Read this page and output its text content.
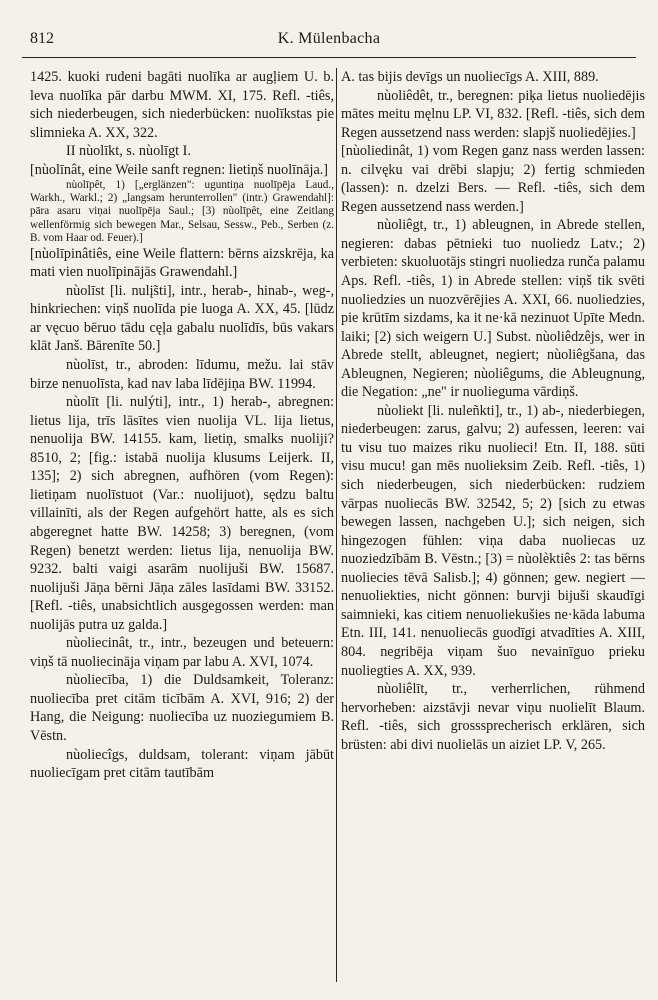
812	K. Mülenbacha

1425. kuoki rudeni bagāti nuolīka ar augļiem U. b. leva nuolīka pār darbu MWM. XI, 175. Refl. -tiês, sich niederbeugen, sich niederbücken: nuolīkstas pie slimnieka A. XX, 322.

II nùolīkt, s. nùolīgt I.

[nùolīnât, eine Weile sanft regnen: lietiņš nuolīnāja.]

nùolīpêt, 1) [„erglänzen": uguntiņa nuolīpēja Laud., Warkh., Warkl.; 2) „langsam herunterrollen" (intr.) Grawendahl]: pāra asaru viņai nuolīpēja Saul.; [3) nùolīpêt, eine Zeitlang wellenförmig sich bewegen Mar., Selsau, Sessw., Peb., Serben (z. B. vom Haar od. Feuer).]

[nùolīpinâtiês, eine Weile flattern: bērns aizskrēja, ka mati vien nuolīpinājās Grawendahl.]

nùolīst [li. nulį̃sti], intr., herab-, hinab-, weg-, hinkriechen: viņš nuolīda pie luoga A. XX, 45. [lūdz ar vęcuo bēruo tādu cęļa gabalu nuolīdīs, būs vakars klāt Janš. Bārenīte 50.]

nùolīst, tr., abroden: līdumu, mežu. lai stāv birze nenuolīsta, kad nav laba līdējiņa BW. 11994.

nùolīt [li. nulýti], intr., 1) herab-, abregnen: lietus lija, trīs lāsītes vien nuolija VL. lija lietus, nenuolija BW. 14155. kam, lietiņ, smalks nuoliji? 8510, 2; [fig.: istabā nuolija klusums Leijerk. II, 135]; 2) sich abregnen, aufhören (vom Regen): lietiņam nuolīstuot (Var.: nuolijuot), sędzu baltu villainīti, als der Regen aufgehört hatte, als es sich abgeregnet hatte BW. 14258; 3) beregnen, (vom Regen) benetzt werden: lietus lija, nenuolija BW. 9232. balti vaigi asarām nuolijuši BW. 15687. nuolijuši Jāņa bērni Jāņa zāles lasīdami BW. 33152. [Refl. -tiês, unabsichtlich ausgegossen werden: man nuolijās putra uz galda.]

nùoliecinât, tr., intr., bezeugen und beteuern: viņš tā nuoliecināja viņam par labu A. XVI, 1074.

nùoliecība, 1) die Duldsamkeit, Toleranz: nuoliecība pret citām ticībām A. XVI, 916; 2) der Hang, die Neigung: nuoliecība uz nuoziegumiem B. Vēstn.

nùoliecîgs, duldsam, tolerant: viņam jābūt nuoliecīgam pret citām tautībām

A. tas bijis devīgs un nuoliecīgs A. XIII, 889.

nùoliêdêt, tr., beregnen: piķa lietus nuoliedējis mātes meitu męlnu LP. VI, 832. [Refl. -tiês, sich dem Regen aussetzend nass werden: slapjš nuoliedējies.]

[nùoliedinât, 1) vom Regen ganz nass werden lassen: n. cilvęku vai drēbi slapju; 2) fertig schmieden (lassen): n. dzelzi Bers. — Refl. -tiês, sich dem Regen aussetzend nass werden.]

nùoliêgt, tr., 1) ableugnen, in Abrede stellen, negieren: dabas pētnieki tuo nuoliedz Latv.; 2) verbieten: skuoluotājs stingri nuoliedza runča palamu Aps. Refl. -tiês, 1) in Abrede stellen: viņš tik svēti nuoliedzies un nuozvērējies A. XXI, 66. nuoliedzies, pie krūtīm sizdams, ka it ne·kā nezinuot Upīte Medn. laiki; [2) sich weigern U.] Subst. nùoliêdzêjs, wer in Abrede stellt, ableugnet, negiert; nùoliêgšana, das Ableugnen, Negieren; nùoliêgums, die Ableugnung, die Negation: „ne" ir nuolieguma vārdiņš.

nùoliekt [li. nuleñkti], tr., 1) ab-, niederbiegen, niederbeugen: zarus, galvu; 2) aufessen, leeren: vai tu visu tuo maizes riku nuolieci! Etn. II, 188. sūti visu mucu! gan mēs nuolieksim Zeib. Refl. -tiês, 1) sich niederbeugen, sich niederbücken: rudziem vārpas nuoliecās BW. 32542, 5; 2) [sich zu etwas bewegen lassen, nachgeben U.]; sich neigen, sich hingezogen fühlen: viņa daba nuoliecas uz nuoziedzībām B. Vēstn.; [3) = nùolèktiês 2: tas bērns nuoliecies tēvā Salisb.]; 4) gönnen; gew. negiert — nenuoliekties, nicht gönnen: burvji bijuši skaudīgi saimnieki, kas citiem nenuoliekušies ne·kāda labuma Etn. III, 141. nenuoliecās guodīgi atvadīties A. XIII, 804. negribēja viņam šuo nevainīguo prieku nuoliegties A. XX, 939.

nùoliêlīt, tr., verherrlichen, rühmend hervorheben: aizstāvji nevar viņu nuolielīt Blaum. Refl. -tiês, sich grosssprecherisch erklären, sich brüsten: abi divi nuolielās un aiziet LP. V, 265.
